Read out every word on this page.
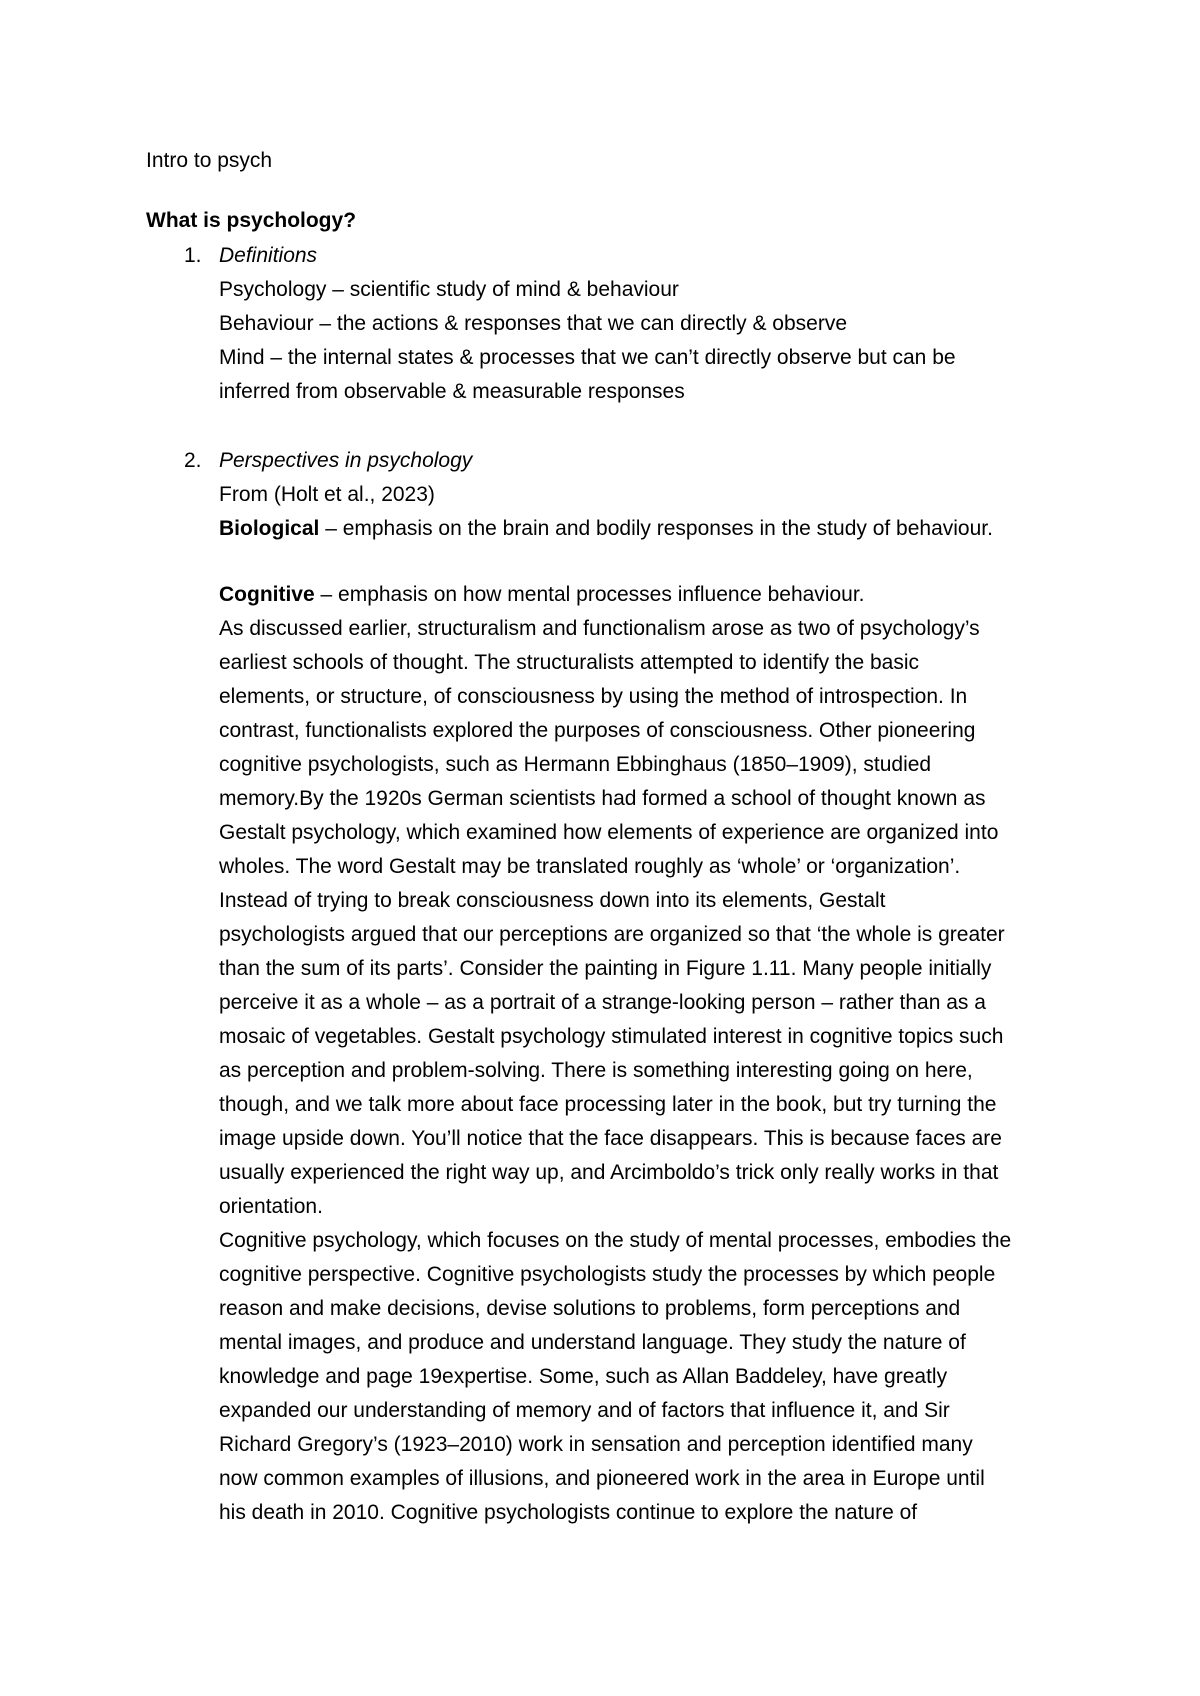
Intro to psych
What is psychology?
1. Definitions
Psychology – scientific study of mind & behaviour
Behaviour – the actions & responses that we can directly & observe
Mind – the internal states & processes that we can’t directly observe but can be
inferred from observable & measurable responses
2. Perspectives in psychology
From (Holt et al., 2023)
Biological – emphasis on the brain and bodily responses in the study of behaviour.
Cognitive – emphasis on how mental processes influence behaviour.
As discussed earlier, structuralism and functionalism arose as two of psychology’s
earliest schools of thought. The structuralists attempted to identify the basic
elements, or structure, of consciousness by using the method of introspection. In
contrast, functionalists explored the purposes of consciousness. Other pioneering
cognitive psychologists, such as Hermann Ebbinghaus (1850–1909), studied
memory.By the 1920s German scientists had formed a school of thought known as
Gestalt psychology, which examined how elements of experience are organized into
wholes. The word Gestalt may be translated roughly as ‘whole’ or ‘organization’.
Instead of trying to break consciousness down into its elements, Gestalt
psychologists argued that our perceptions are organized so that ‘the whole is greater
than the sum of its parts’. Consider the painting in Figure 1.11. Many people initially
perceive it as a whole – as a portrait of a strange-looking person – rather than as a
mosaic of vegetables. Gestalt psychology stimulated interest in cognitive topics such
as perception and problem-solving. There is something interesting going on here,
though, and we talk more about face processing later in the book, but try turning the
image upside down. You’ll notice that the face disappears. This is because faces are
usually experienced the right way up, and Arcimboldo’s trick only really works in that
orientation.
Cognitive psychology, which focuses on the study of mental processes, embodies the
cognitive perspective. Cognitive psychologists study the processes by which people
reason and make decisions, devise solutions to problems, form perceptions and
mental images, and produce and understand language. They study the nature of
knowledge and page 19expertise. Some, such as Allan Baddeley, have greatly
expanded our understanding of memory and of factors that influence it, and Sir
Richard Gregory’s (1923–2010) work in sensation and perception identified many
now common examples of illusions, and pioneered work in the area in Europe until
his death in 2010. Cognitive psychologists continue to explore the nature of
